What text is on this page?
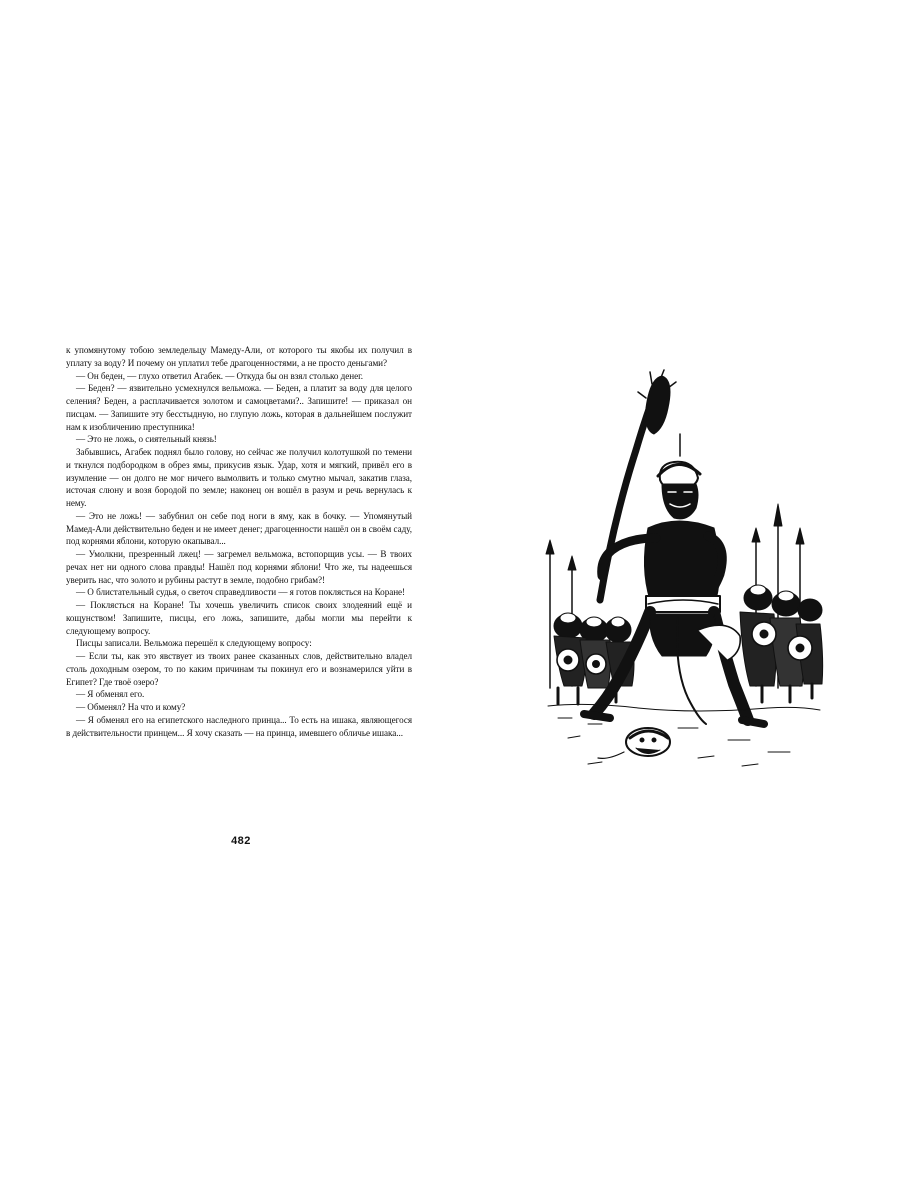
к упомянутому тобою земледельцу Мамеду-Али, от которого ты якобы их получил в уплату за воду? И почему он уплатил тебе драгоценностями, а не просто деньгами?

— Он беден, — глухо ответил Агабек. — Откуда бы он взял столько денег.

— Беден? — язвительно усмехнулся вельможа. — Беден, а платит за воду для целого селения? Беден, а расплачивается золотом и самоцветами?.. Запишите! — приказал он писцам. — Запишите эту бесстыдную, но глупую ложь, которая в дальнейшем послужит нам к изобличению преступника!

— Это не ложь, о сиятельный князь!

Забывшись, Агабек поднял было голову, но сейчас же получил колотушкой по темени и ткнулся подбородком в обрез ямы, прикусив язык. Удар, хотя и мягкий, привёл его в изумление — он долго не мог ничего вымолвить и только смутно мычал, закатив глаза, источая слюну и возя бородой по земле; наконец он вошёл в разум и речь вернулась к нему.

— Это не ложь! — забубнил он себе под ноги в яму, как в бочку. — Упомянутый Мамед-Али действительно беден и не имеет денег; драгоценности нашёл он в своём саду, под корнями яблони, которую окапывал...

— Умолкни, презренный лжец! — загремел вельможа, встопорщив усы. — В твоих речах нет ни одного слова правды! Нашёл под корнями яблони! Что же, ты надеешься уверить нас, что золото и рубины растут в земле, подобно грибам?!

— О блистательный судья, о светоч справедливости — я готов поклясться на Коране!

— Поклясться на Коране! Ты хочешь увеличить список своих злодеяний ещё и кощунством! Запишите, писцы, его ложь, запишите, дабы могли мы перейти к следующему вопросу.

Писцы записали. Вельможа перешёл к следующему вопросу:

— Если ты, как это явствует из твоих ранее сказанных слов, действительно владел столь доходным озером, то по каким причинам ты покинул его и вознамерился уйти в Египет? Где твоё озеро?

— Я обменял его.

— Обменял? На что и кому?

— Я обменял его на египетского наследного принца... То есть на ишака, являющегося в действительности принцем... Я хочу сказать — на принца, имевшего обличье ишака...

482
